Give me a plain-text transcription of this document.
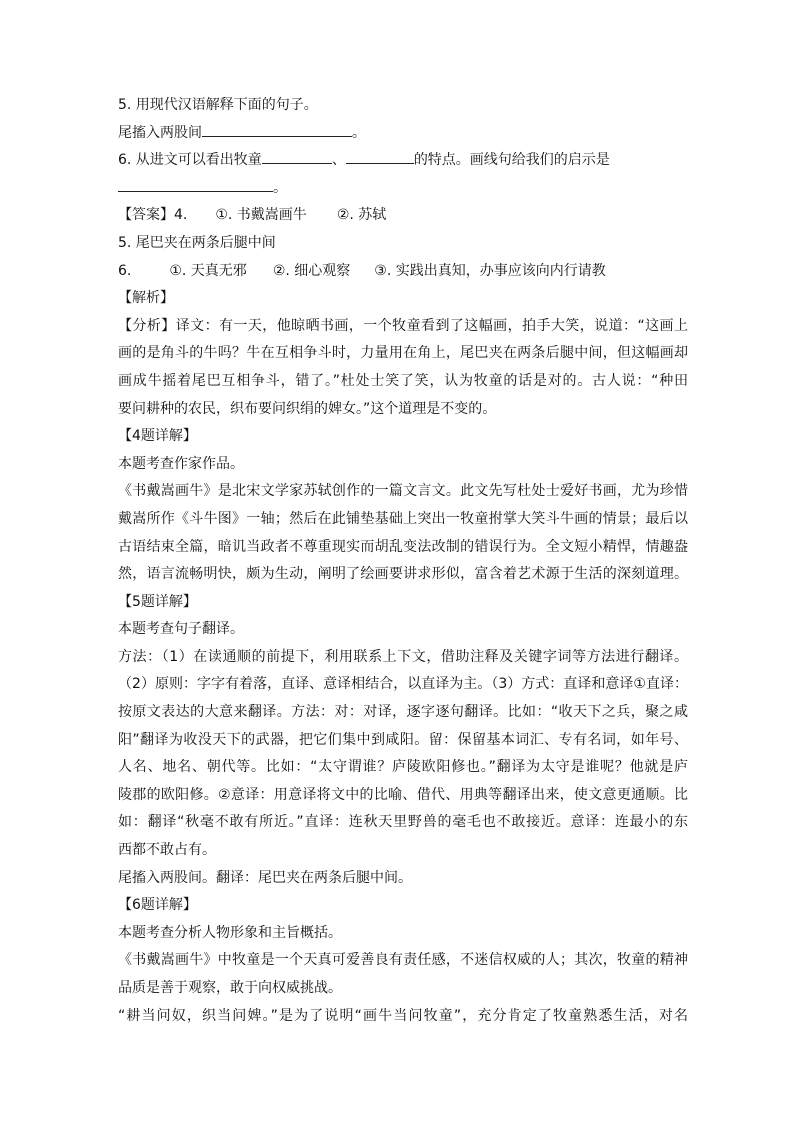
5. 用现代汉语解释下面的句子。
尾搐入两股间	。
6. 从进文可以看出牧童	、	的特点。画线句给我们的启示是
。
【答案】4. ①. 书戴嵩画牛 ②. 苏轼
5. 尾巴夹在两条后腿中间
6.	①. 天真无邪 ②. 细心观察 ③. 实践出真知，办事应该向内行请教
【解析】
【分析】译文：有一天，他晾晒书画，一个牧童看到了这幅画，拍手大笑，说道：“这画上
画的是角斗的牛吗？牛在互相争斗时，力量用在角上，尾巴夹在两条后腿中间，但这幅画却
画成牛摇着尾巴互相争斗，错了。”杜处士笑了笑，认为牧童的话是对的。古人说：“种田
要问耕种的农民，织布要问织绢的婢女。”这个道理是不变的。
【4题详解】
本题考查作家作品。
《书戴嵩画牛》是北宋文学家苏轼创作的一篇文言文。此文先写杜处士爱好书画，尤为珍惜
戴嵩所作《斗牛图》一轴；然后在此铺垫基础上突出一牧童拊掌大笑斗牛画的情景；最后以
古语结束全篇，暗讥当政者不尊重现实而胡乱变法改制的错误行为。全文短小精悍，情趣盎
然，语言流畅明快，颇为生动，阐明了绘画要讲求形似，富含着艺术源于生活的深刻道理。
【5题详解】
本题考查句子翻译。
方法：（1）在读通顺的前提下，利用联系上下文，借助注释及关键字词等方法进行翻译。
（2）原则：字字有着落，直译、意译相结合，以直译为主。（3）方式：直译和意译①直译：
按原文表达的大意来翻译。方法：对：对译，逐字逐句翻译。比如：“收天下之兵，聚之咸
阳”翻译为收没天下的武器，把它们集中到咸阳。留：保留基本词汇、专有名词，如年号、
人名、地名、朝代等。比如：“太守谓谁？庐陵欧阳修也。”翻译为太守是谁呢？他就是庐
陵郡的欧阳修。②意译：用意译将文中的比喻、借代、用典等翻译出来，使文意更通顺。比
如：翻译“秋毫不敢有所近。”直译：连秋天里野兽的毫毛也不敢接近。意译：连最小的东
西都不敢占有。
尾搐入两股间。翻译：尾巴夹在两条后腿中间。
【6题详解】
本题考查分析人物形象和主旨概括。
《书戴嵩画牛》中牧童是一个天真可爱善良有责任感，不迷信权威的人；其次，牧童的精神
品质是善于观察，敢于向权威挑战。
“耕当问奴，织当问婢。”是为了说明“画牛当问牧童”，充分肯定了牧童熟悉生活，对名
